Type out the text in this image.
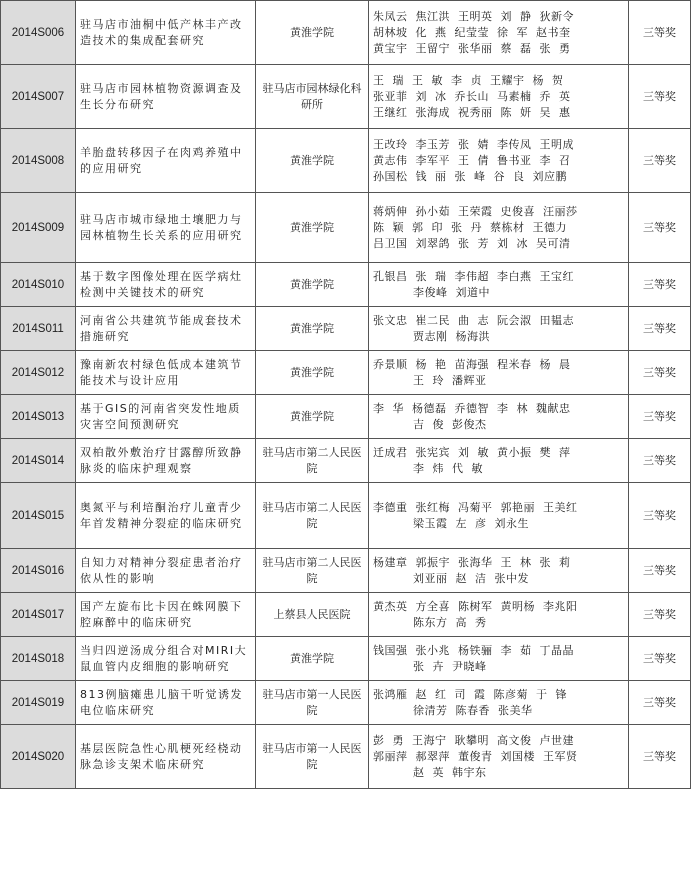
2014S006	驻马店市油桐中低产林丰产改造技术的集成配套研究	黄淮学院	朱凤云  焦江洪  王明英  刘  静  狄新令
胡林坡  化  燕  纪莹莹  徐  军  赵书奎
黄宝宇  王留宁  张华丽  蔡  磊  张  勇	三等奖
2014S007	驻马店市园林植物资源调查及生长分布研究	驻马店市园林绿化科研所	王  瑞  王  敏  李  贞  王耀宇  杨  贺
张亚菲  刘  冰  乔长山  马素楠  乔  英
王继红  张海成  祝秀丽  陈  妍  吴  惠	三等奖
2014S008	羊胎盘转移因子在肉鸡养殖中的应用研究	黄淮学院	王改玲  李玉芳  张  婧  李传凤  王明成
黄志伟  李军平  王  倩  鲁书亚  李  召
孙国松  钱  丽  张  峰  谷  良  刘应鹏	三等奖
2014S009	驻马店市城市绿地土壤肥力与园林植物生长关系的应用研究	黄淮学院	蒋炳伸  孙小茹  王荣霞  史俊喜  汪丽莎
陈  颖  郭  印  张  丹  蔡栋材  王德力
吕卫国  刘翠鸽  张  芳  刘  冰  吴可清	三等奖
2014S010	基于数字图像处理在医学病灶检测中关键技术的研究	黄淮学院	孔银昌  张  瑞  李伟超  李白燕  王宝红
李俊峰  刘道中	三等奖
2014S011	河南省公共建筑节能成套技术措施研究	黄淮学院	张文忠  崔二民  曲  志  阮会淑  田韫志
贾志刚  杨海洪	三等奖
2014S012	豫南新农村绿色低成本建筑节能技术与设计应用	黄淮学院	乔景顺  杨  艳  苗海强  程米春  杨  晨
王  玲  潘辉亚	三等奖
2014S013	基于GIS的河南省突发性地质灾害空间预测研究	黄淮学院	李  华  杨德磊  乔德智  李  林  魏献忠
吉  俊  彭俊杰	三等奖
2014S014	双柏散外敷治疗甘露醇所致静脉炎的临床护理观察	驻马店市第二人民医院	迁成君  张宪宾  刘  敏  黄小振  樊  萍
李  炜  代  敏	三等奖
2014S015	奥氮平与利培酮治疗儿童青少年首发精神分裂症的临床研究	驻马店市第二人民医院	李德重  张红梅  冯菊平  郭艳丽  王美红
梁玉霞  左  彦  刘永生	三等奖
2014S016	自知力对精神分裂症患者治疗依从性的影响	驻马店市第二人民医院	杨建章  郭振宇  张海华  王  林  张  莉
刘亚丽  赵  洁  张中发	三等奖
2014S017	国产左旋布比卡因在蛛网膜下腔麻醉中的临床研究	上蔡县人民医院	黄杰英  方全喜  陈树军  黄明杨  李兆阳
陈东方  高  秀	三等奖
2014S018	当归四逆汤成分组合对MIRI大鼠血管内皮细胞的影响研究	黄淮学院	钱国强  张小兆  杨铁骊  李  茹  丁晶晶
张  卉  尹晓峰	三等奖
2014S019	813例脑瘫患儿脑干听觉诱发电位临床研究	驻马店市第一人民医院	张鸿雁  赵  红  司  霞  陈彦菊  于  锋
徐清芳  陈春香  张美华	三等奖
2014S020	基层医院急性心肌梗死经桡动脉急诊支架术临床研究	驻马店市第一人民医院	彭  勇  王海宁  耿攀明  高文俊  卢世建
郭丽萍  郝翠萍  董俊青  刘国楼  王军贤
赵  英  韩宇东	三等奖
